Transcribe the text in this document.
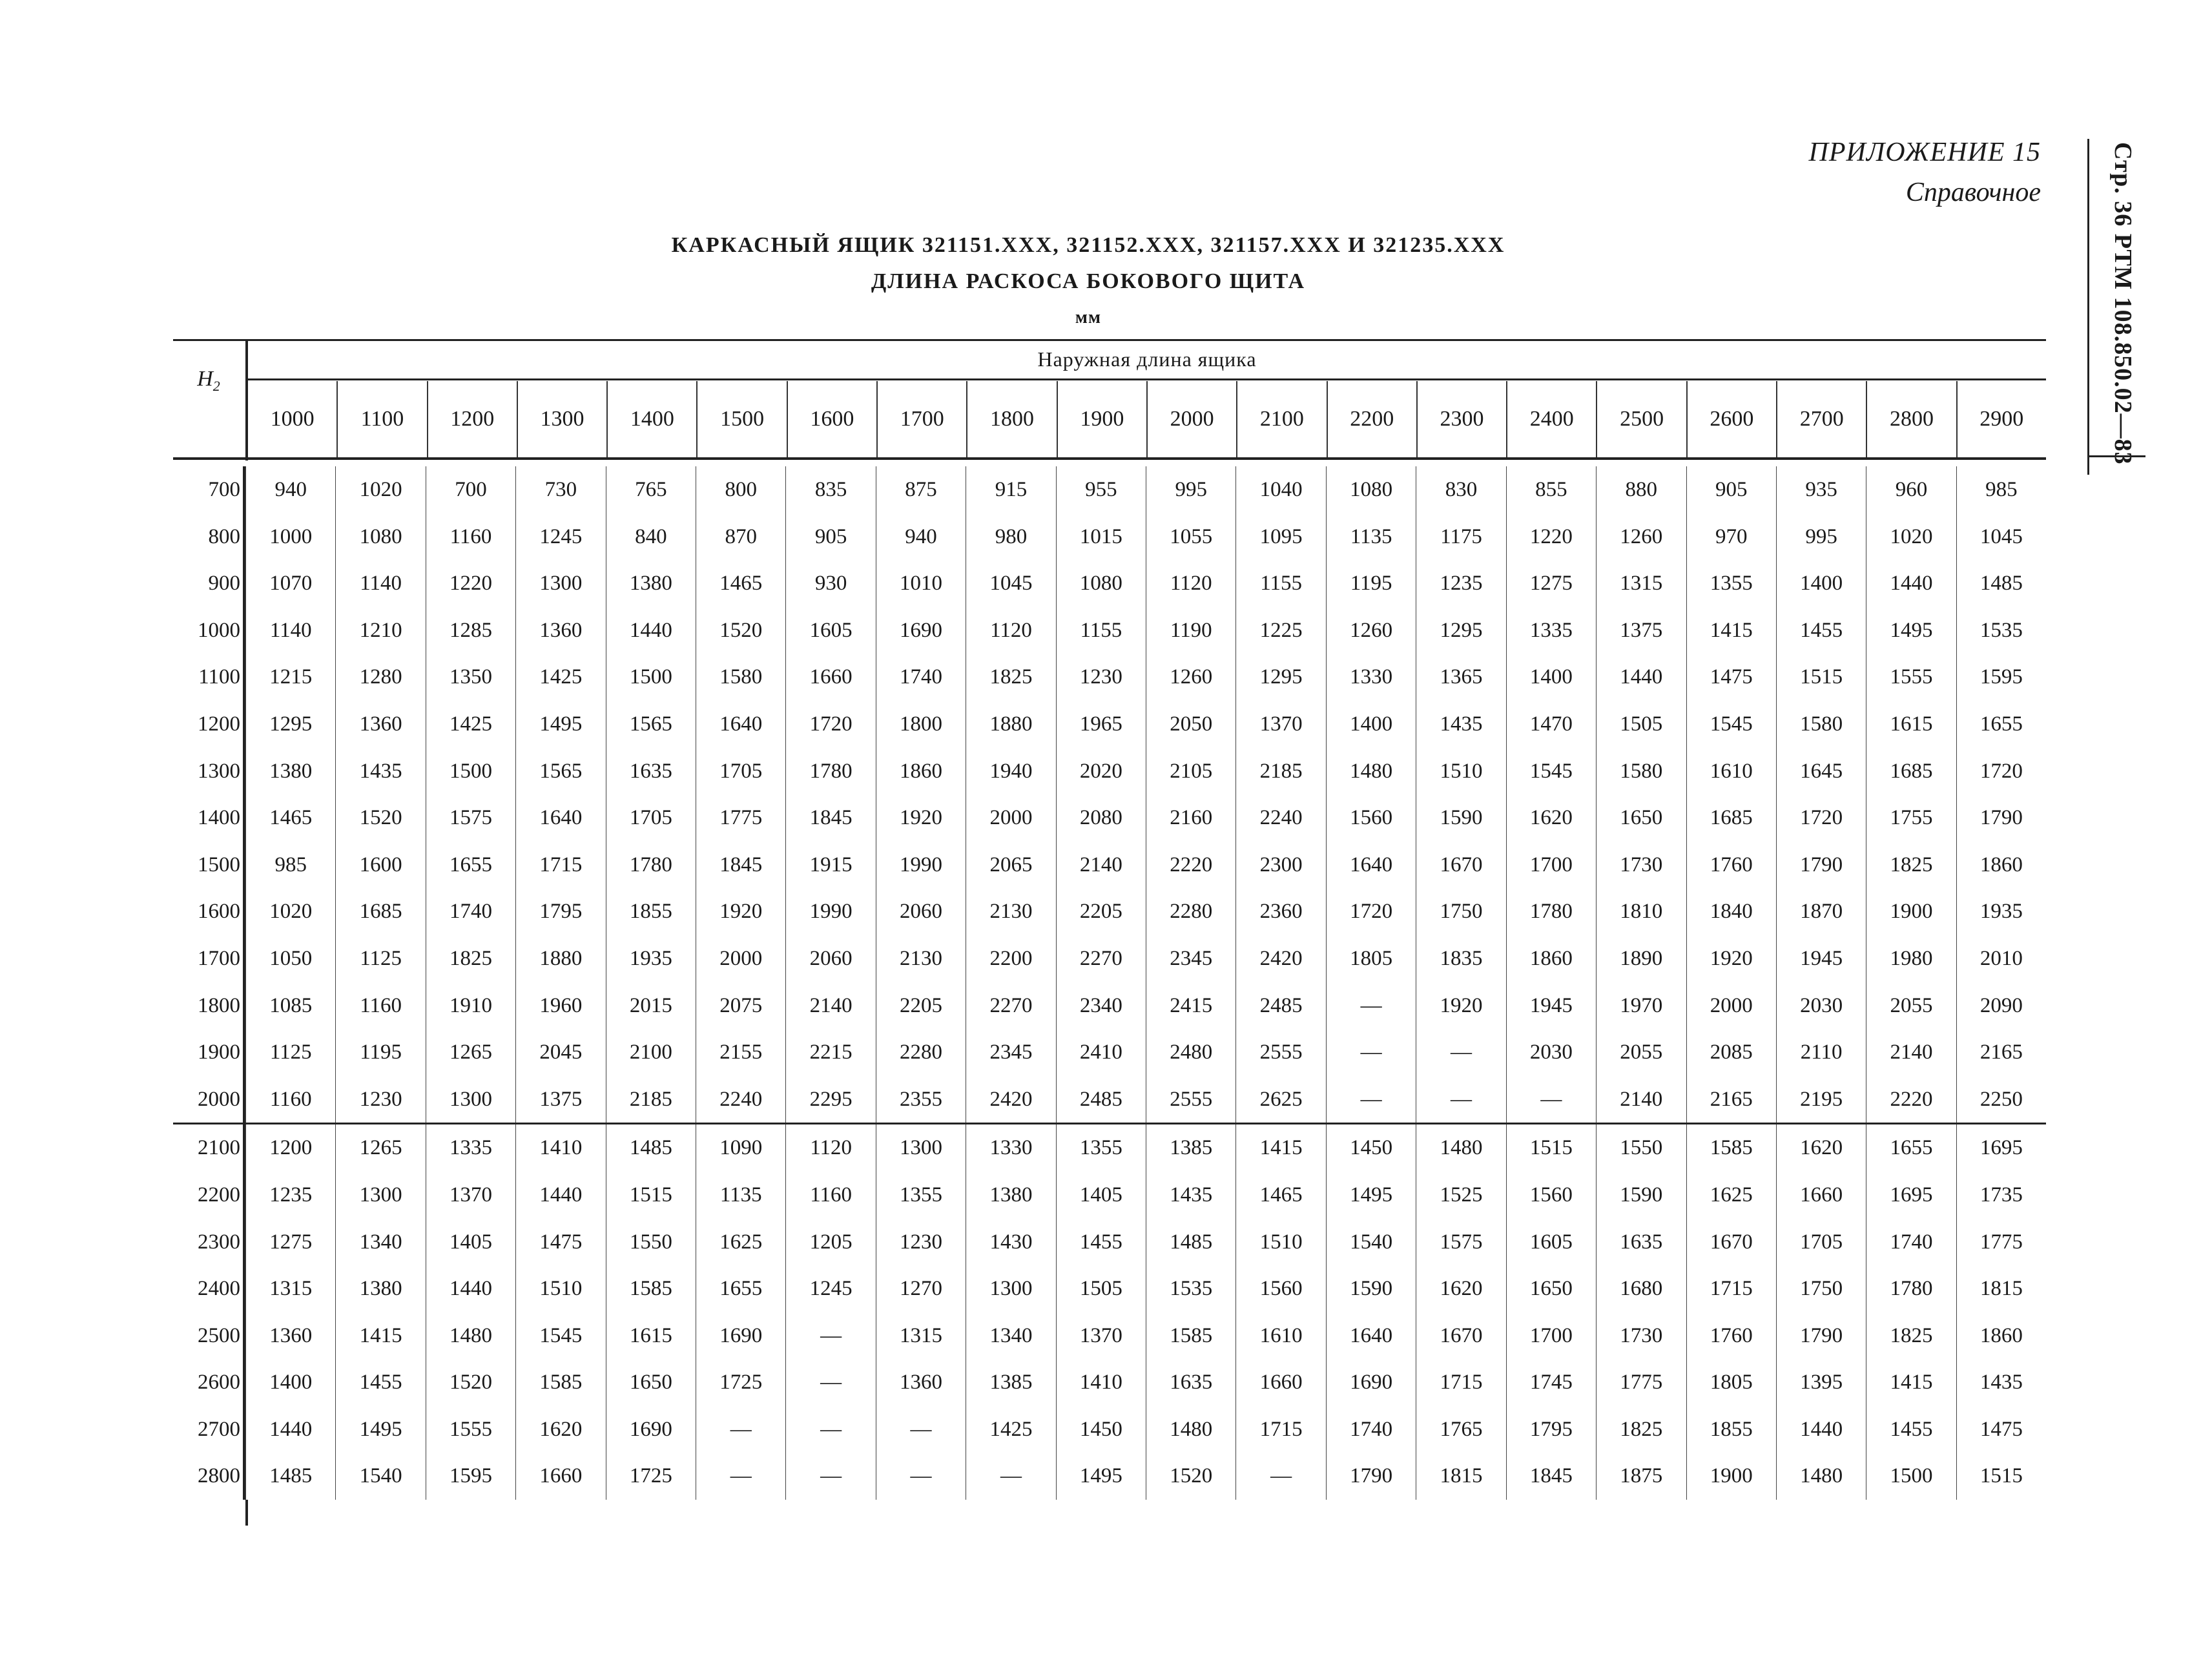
ПРИЛОЖЕНИЕ 15
Справочное	Стр. 36 РТМ 108.850.02—83
КАРКАСНЫЙ ЯЩИК 321151.ХХХ, 321152.ХХХ, 321157.ХХХ И 321235.ХХХ
ДЛИНА РАСКОСА БОКОВОГО ЩИТА
мм
$H_2$
Наружная длина ящика
1000	1100	1200	1300	1400	1500	1600	1700	1800	1900	2000	2100	2200	2300	2400	2500	2600	2700	2800	2900
700	940	1020	700	730	765	800	835	875	915	955	995	1040	1080	830	855	880	905	935	960	985
800	1000	1080	1160	1245	840	870	905	940	980	1015	1055	1095	1135	1175	1220	1260	970	995	1020	1045
900	1070	1140	1220	1300	1380	1465	930	1010	1045	1080	1120	1155	1195	1235	1275	1315	1355	1400	1440	1485
1000	1140	1210	1285	1360	1440	1520	1605	1690	1120	1155	1190	1225	1260	1295	1335	1375	1415	1455	1495	1535
1100	1215	1280	1350	1425	1500	1580	1660	1740	1825	1230	1260	1295	1330	1365	1400	1440	1475	1515	1555	1595
1200	1295	1360	1425	1495	1565	1640	1720	1800	1880	1965	2050	1370	1400	1435	1470	1505	1545	1580	1615	1655
1300	1380	1435	1500	1565	1635	1705	1780	1860	1940	2020	2105	2185	1480	1510	1545	1580	1610	1645	1685	1720
1400	1465	1520	1575	1640	1705	1775	1845	1920	2000	2080	2160	2240	1560	1590	1620	1650	1685	1720	1755	1790
1500	985	1600	1655	1715	1780	1845	1915	1990	2065	2140	2220	2300	1640	1670	1700	1730	1760	1790	1825	1860
1600	1020	1685	1740	1795	1855	1920	1990	2060	2130	2205	2280	2360	1720	1750	1780	1810	1840	1870	1900	1935
1700	1050	1125	1825	1880	1935	2000	2060	2130	2200	2270	2345	2420	1805	1835	1860	1890	1920	1945	1980	2010
1800	1085	1160	1910	1960	2015	2075	2140	2205	2270	2340	2415	2485	—	1920	1945	1970	2000	2030	2055	2090
1900	1125	1195	1265	2045	2100	2155	2215	2280	2345	2410	2480	2555	—	—	2030	2055	2085	2110	2140	2165
2000	1160	1230	1300	1375	2185	2240	2295	2355	2420	2485	2555	2625	—	—	—	2140	2165	2195	2220	2250
2100	1200	1265	1335	1410	1485	1090	1120	1300	1330	1355	1385	1415	1450	1480	1515	1550	1585	1620	1655	1695
2200	1235	1300	1370	1440	1515	1135	1160	1355	1380	1405	1435	1465	1495	1525	1560	1590	1625	1660	1695	1735
2300	1275	1340	1405	1475	1550	1625	1205	1230	1430	1455	1485	1510	1540	1575	1605	1635	1670	1705	1740	1775
2400	1315	1380	1440	1510	1585	1655	1245	1270	1300	1505	1535	1560	1590	1620	1650	1680	1715	1750	1780	1815
2500	1360	1415	1480	1545	1615	1690	—	1315	1340	1370	1585	1610	1640	1670	1700	1730	1760	1790	1825	1860
2600	1400	1455	1520	1585	1650	1725	—	1360	1385	1410	1635	1660	1690	1715	1745	1775	1805	1395	1415	1435
2700	1440	1495	1555	1620	1690	—	—	—	1425	1450	1480	1715	1740	1765	1795	1825	1855	1440	1455	1475
2800	1485	1540	1595	1660	1725	—	—	—	—	1495	1520	—	1790	1815	1845	1875	1900	1480	1500	1515
